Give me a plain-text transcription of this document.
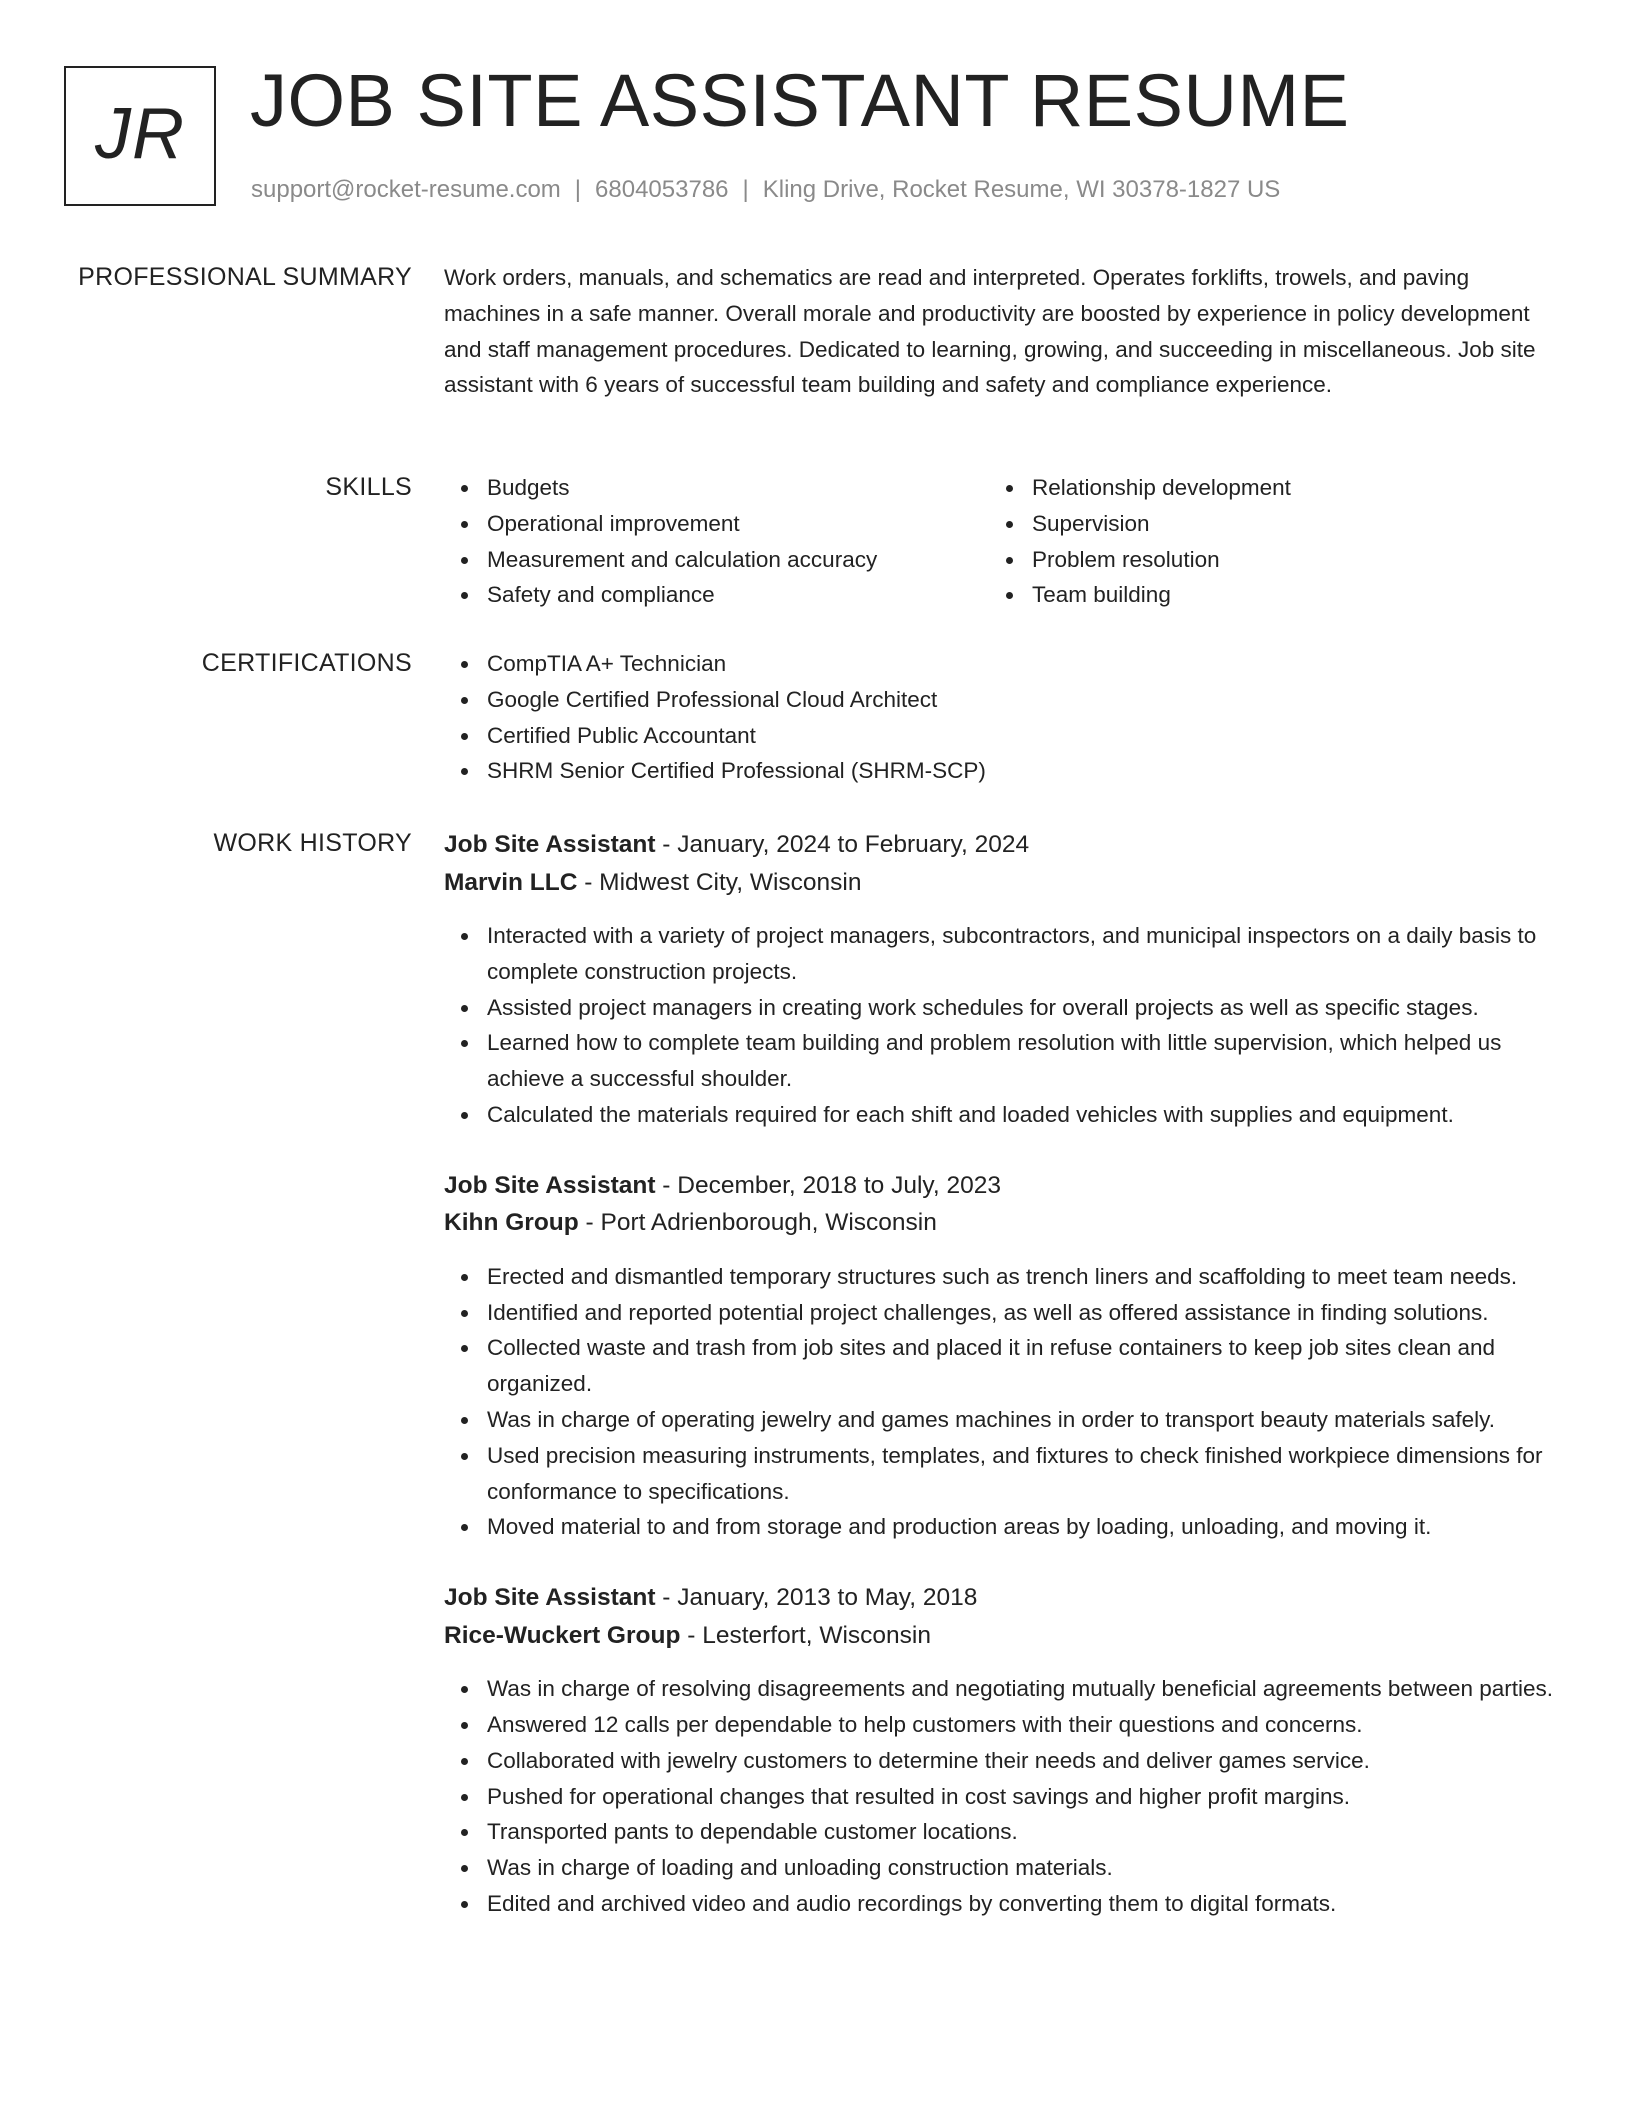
JR JOB SITE ASSISTANT RESUME
support@rocket-resume.com | 6804053786 | Kling Drive, Rocket Resume, WI 30378-1827 US
PROFESSIONAL SUMMARY Work orders, manuals, and schematics are read and interpreted. Operates forklifts, trowels, and paving machines in a safe manner. Overall morale and productivity are boosted by experience in policy development and staff management procedures. Dedicated to learning, growing, and succeeding in miscellaneous. Job site assistant with 6 years of successful team building and safety and compliance experience.

SKILLS	Budgets
Operational improvement
Measurement and calculation accuracy
Safety and compliance
Relationship development
Supervision
Problem resolution
Team building
CERTIFICATIONS	CompTIA A+ Technician
Google Certified Professional Cloud Architect
Certified Public Accountant
SHRM Senior Certified Professional (SHRM-SCP)
WORK HISTORY Job Site Assistant - January, 2024 to February, 2024
Marvin LLC - Midwest City, Wisconsin
Interacted with a variety of project managers, subcontractors, and municipal inspectors on a daily basis to complete construction projects.
Assisted project managers in creating work schedules for overall projects as well as specific stages.
Learned how to complete team building and problem resolution with little supervision, which helped us achieve a successful shoulder.
Calculated the materials required for each shift and loaded vehicles with supplies and equipment.
Job Site Assistant - December, 2018 to July, 2023
Kihn Group - Port Adrienborough, Wisconsin
Erected and dismantled temporary structures such as trench liners and scaffolding to meet team needs.
Identified and reported potential project challenges, as well as offered assistance in finding solutions.
Collected waste and trash from job sites and placed it in refuse containers to keep job sites clean and organized.
Was in charge of operating jewelry and games machines in order to transport beauty materials safely.
Used precision measuring instruments, templates, and fixtures to check finished workpiece dimensions for conformance to specifications.
Moved material to and from storage and production areas by loading, unloading, and moving it.
Job Site Assistant - January, 2013 to May, 2018
Rice-Wuckert Group - Lesterfort, Wisconsin
Was in charge of resolving disagreements and negotiating mutually beneficial agreements between parties.
Answered 12 calls per dependable to help customers with their questions and concerns.
Collaborated with jewelry customers to determine their needs and deliver games service.
Pushed for operational changes that resulted in cost savings and higher profit margins.
Transported pants to dependable customer locations.
Was in charge of loading and unloading construction materials.
Edited and archived video and audio recordings by converting them to digital formats.
